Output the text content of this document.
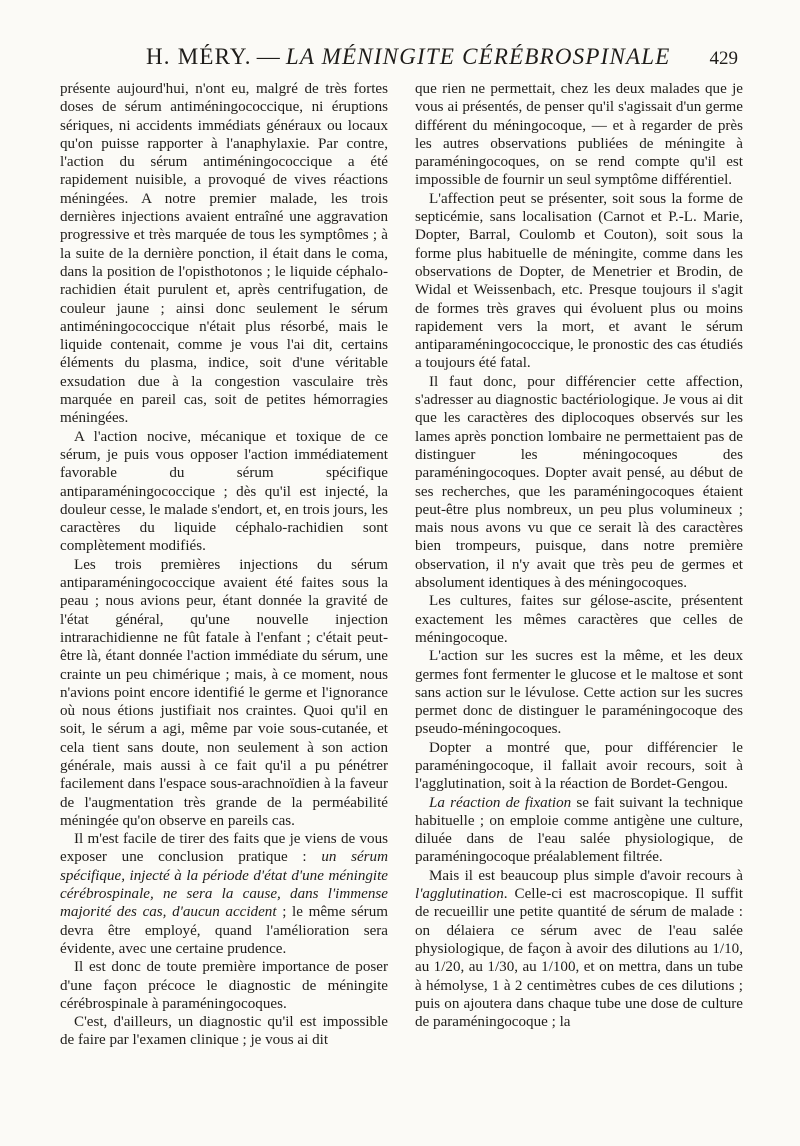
H. MÉRY. — LA MÉNINGITE CÉRÉBROSPINALE 429

présente aujourd'hui, n'ont eu, malgré de très fortes doses de sérum antiméningococcique, ni éruptions sériques, ni accidents immédiats généraux ou locaux qu'on puisse rapporter à l'anaphylaxie. Par contre, l'action du sérum antiméningococcique a été rapidement nuisible, a provoqué de vives réactions méningées. A notre premier malade, les trois dernières injections avaient entraîné une aggravation progressive et très marquée de tous les symptômes ; à la suite de la dernière ponction, il était dans le coma, dans la position de l'opisthotonos ; le liquide céphalo-rachidien était purulent et, après centrifugation, de couleur jaune ; ainsi donc seulement le sérum antiméningococcique n'était plus résorbé, mais le liquide contenait, comme je vous l'ai dit, certains éléments du plasma, indice, soit d'une véritable exsudation due à la congestion vasculaire très marquée en pareil cas, soit de petites hémorragies méningées.

A l'action nocive, mécanique et toxique de ce sérum, je puis vous opposer l'action immédiatement favorable du sérum spécifique antiparaméningococcique ; dès qu'il est injecté, la douleur cesse, le malade s'endort, et, en trois jours, les caractères du liquide céphalo-rachidien sont complètement modifiés.

Les trois premières injections du sérum antiparaméningococcique avaient été faites sous la peau ; nous avions peur, étant donnée la gravité de l'état général, qu'une nouvelle injection intrarachidienne ne fût fatale à l'enfant ; c'était peut-être là, étant donnée l'action immédiate du sérum, une crainte un peu chimérique ; mais, à ce moment, nous n'avions point encore identifié le germe et l'ignorance où nous étions justifiait nos craintes. Quoi qu'il en soit, le sérum a agi, même par voie sous-cutanée, et cela tient sans doute, non seulement à son action générale, mais aussi à ce fait qu'il a pu pénétrer facilement dans l'espace sous-arachnoïdien à la faveur de l'augmentation très grande de la perméabilité méningée qu'on observe en pareils cas.

Il m'est facile de tirer des faits que je viens de vous exposer une conclusion pratique : un sérum spécifique, injecté à la période d'état d'une méningite cérébrospinale, ne sera la cause, dans l'immense majorité des cas, d'aucun accident ; le même sérum devra être employé, quand l'amélioration sera évidente, avec une certaine prudence.

Il est donc de toute première importance de poser d'une façon précoce le diagnostic de méningite cérébrospinale à paraméningocoques.

C'est, d'ailleurs, un diagnostic qu'il est impossible de faire par l'examen clinique ; je vous ai dit

que rien ne permettait, chez les deux malades que je vous ai présentés, de penser qu'il s'agissait d'un germe différent du méningocoque, — et à regarder de près les autres observations publiées de méningite à paraméningocoques, on se rend compte qu'il est impossible de fournir un seul symptôme différentiel.

L'affection peut se présenter, soit sous la forme de septicémie, sans localisation (Carnot et P.-L. Marie, Dopter, Barral, Coulomb et Couton), soit sous la forme plus habituelle de méningite, comme dans les observations de Dopter, de Menetrier et Brodin, de Widal et Weissenbach, etc. Presque toujours il s'agit de formes très graves qui évoluent plus ou moins rapidement vers la mort, et avant le sérum antiparaméningococcique, le pronostic des cas étudiés a toujours été fatal.

Il faut donc, pour différencier cette affection, s'adresser au diagnostic bactériologique. Je vous ai dit que les caractères des diplocoques observés sur les lames après ponction lombaire ne permettaient pas de distinguer les méningocoques des paraméningocoques. Dopter avait pensé, au début de ses recherches, que les paraméningocoques étaient peut-être plus nombreux, un peu plus volumineux ; mais nous avons vu que ce serait là des caractères bien trompeurs, puisque, dans notre première observation, il n'y avait que très peu de germes et absolument identiques à des méningocoques.

Les cultures, faites sur gélose-ascite, présentent exactement les mêmes caractères que celles de méningocoque.

L'action sur les sucres est la même, et les deux germes font fermenter le glucose et le maltose et sont sans action sur le lévulose. Cette action sur les sucres permet donc de distinguer le paraméningocoque des pseudo-méningocoques.

Dopter a montré que, pour différencier le paraméningocoque, il fallait avoir recours, soit à l'agglutination, soit à la réaction de Bordet-Gengou.

La réaction de fixation se fait suivant la technique habituelle ; on emploie comme antigène une culture, diluée dans de l'eau salée physiologique, de paraméningocoque préalablement filtrée.

Mais il est beaucoup plus simple d'avoir recours à l'agglutination. Celle-ci est macroscopique. Il suffit de recueillir une petite quantité de sérum de malade : on délaiera ce sérum avec de l'eau salée physiologique, de façon à avoir des dilutions au 1/10, au 1/20, au 1/30, au 1/100, et on mettra, dans un tube à hémolyse, 1 à 2 centimètres cubes de ces dilutions ; puis on ajoutera dans chaque tube une dose de culture de paraméningocoque ; la
